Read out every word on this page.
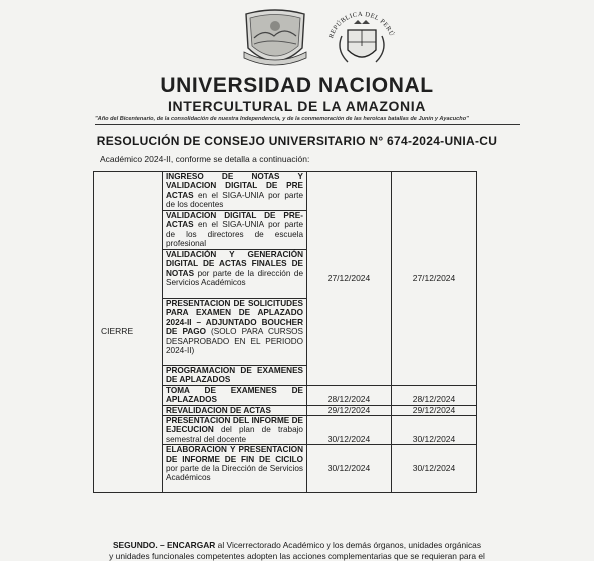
REPÚBLICA DEL PERÚ
UNIVERSIDAD NACIONAL
INTERCULTURAL DE LA AMAZONIA
"Año del Bicentenario, de la consolidación de nuestra Independencia, y de la conmemoración de las heroicas batallas de Junín y Ayacucho"
RESOLUCIÓN DE CONSEJO UNIVERSITARIO N° 674-2024-UNIA-CU
Académico 2024-II, conforme se detalla a continuación:
CIERRE	INGRESO DE NOTAS Y VALIDACION DIGITAL DE PRE ACTAS en el SIGA-UNIA por parte de los docentes	27/12/2024	27/12/2024
	VALIDACION DIGITAL DE PRE-ACTAS en el SIGA-UNIA por parte de los directores de escuela profesional		
	VALIDACIÓN Y GENERACIÓN DIGITAL DE ACTAS FINALES DE NOTAS por parte de la dirección de Servicios Académicos		
	PRESENTACION DE SOLICITUDES PARA EXAMEN DE APLAZADO 2024-II – ADJUNTADO BOUCHER DE PAGO (SOLO PARA CURSOS DESAPROBADO EN EL PERIODO 2024-II)		
	PROGRAMACION DE EXAMENES DE APLAZADOS		
	TOMA DE EXAMENES DE APLAZADOS	28/12/2024	28/12/2024
	REVALIDACION DE ACTAS	29/12/2024	29/12/2024
	PRESENTACION DEL INFORME DE EJECUCION del plan de trabajo semestral del docente	30/12/2024	30/12/2024
	ELABORACION Y PRESENTACION DE INFORME DE FIN DE CICILO por parte de la Dirección de Servicios Académicos	30/12/2024	30/12/2024
SEGUNDO. – ENCARGAR al Vicerrectorado Académico y los demás órganos, unidades orgánicas
y unidades funcionales competentes adopten las acciones complementarias que se requieran para el
